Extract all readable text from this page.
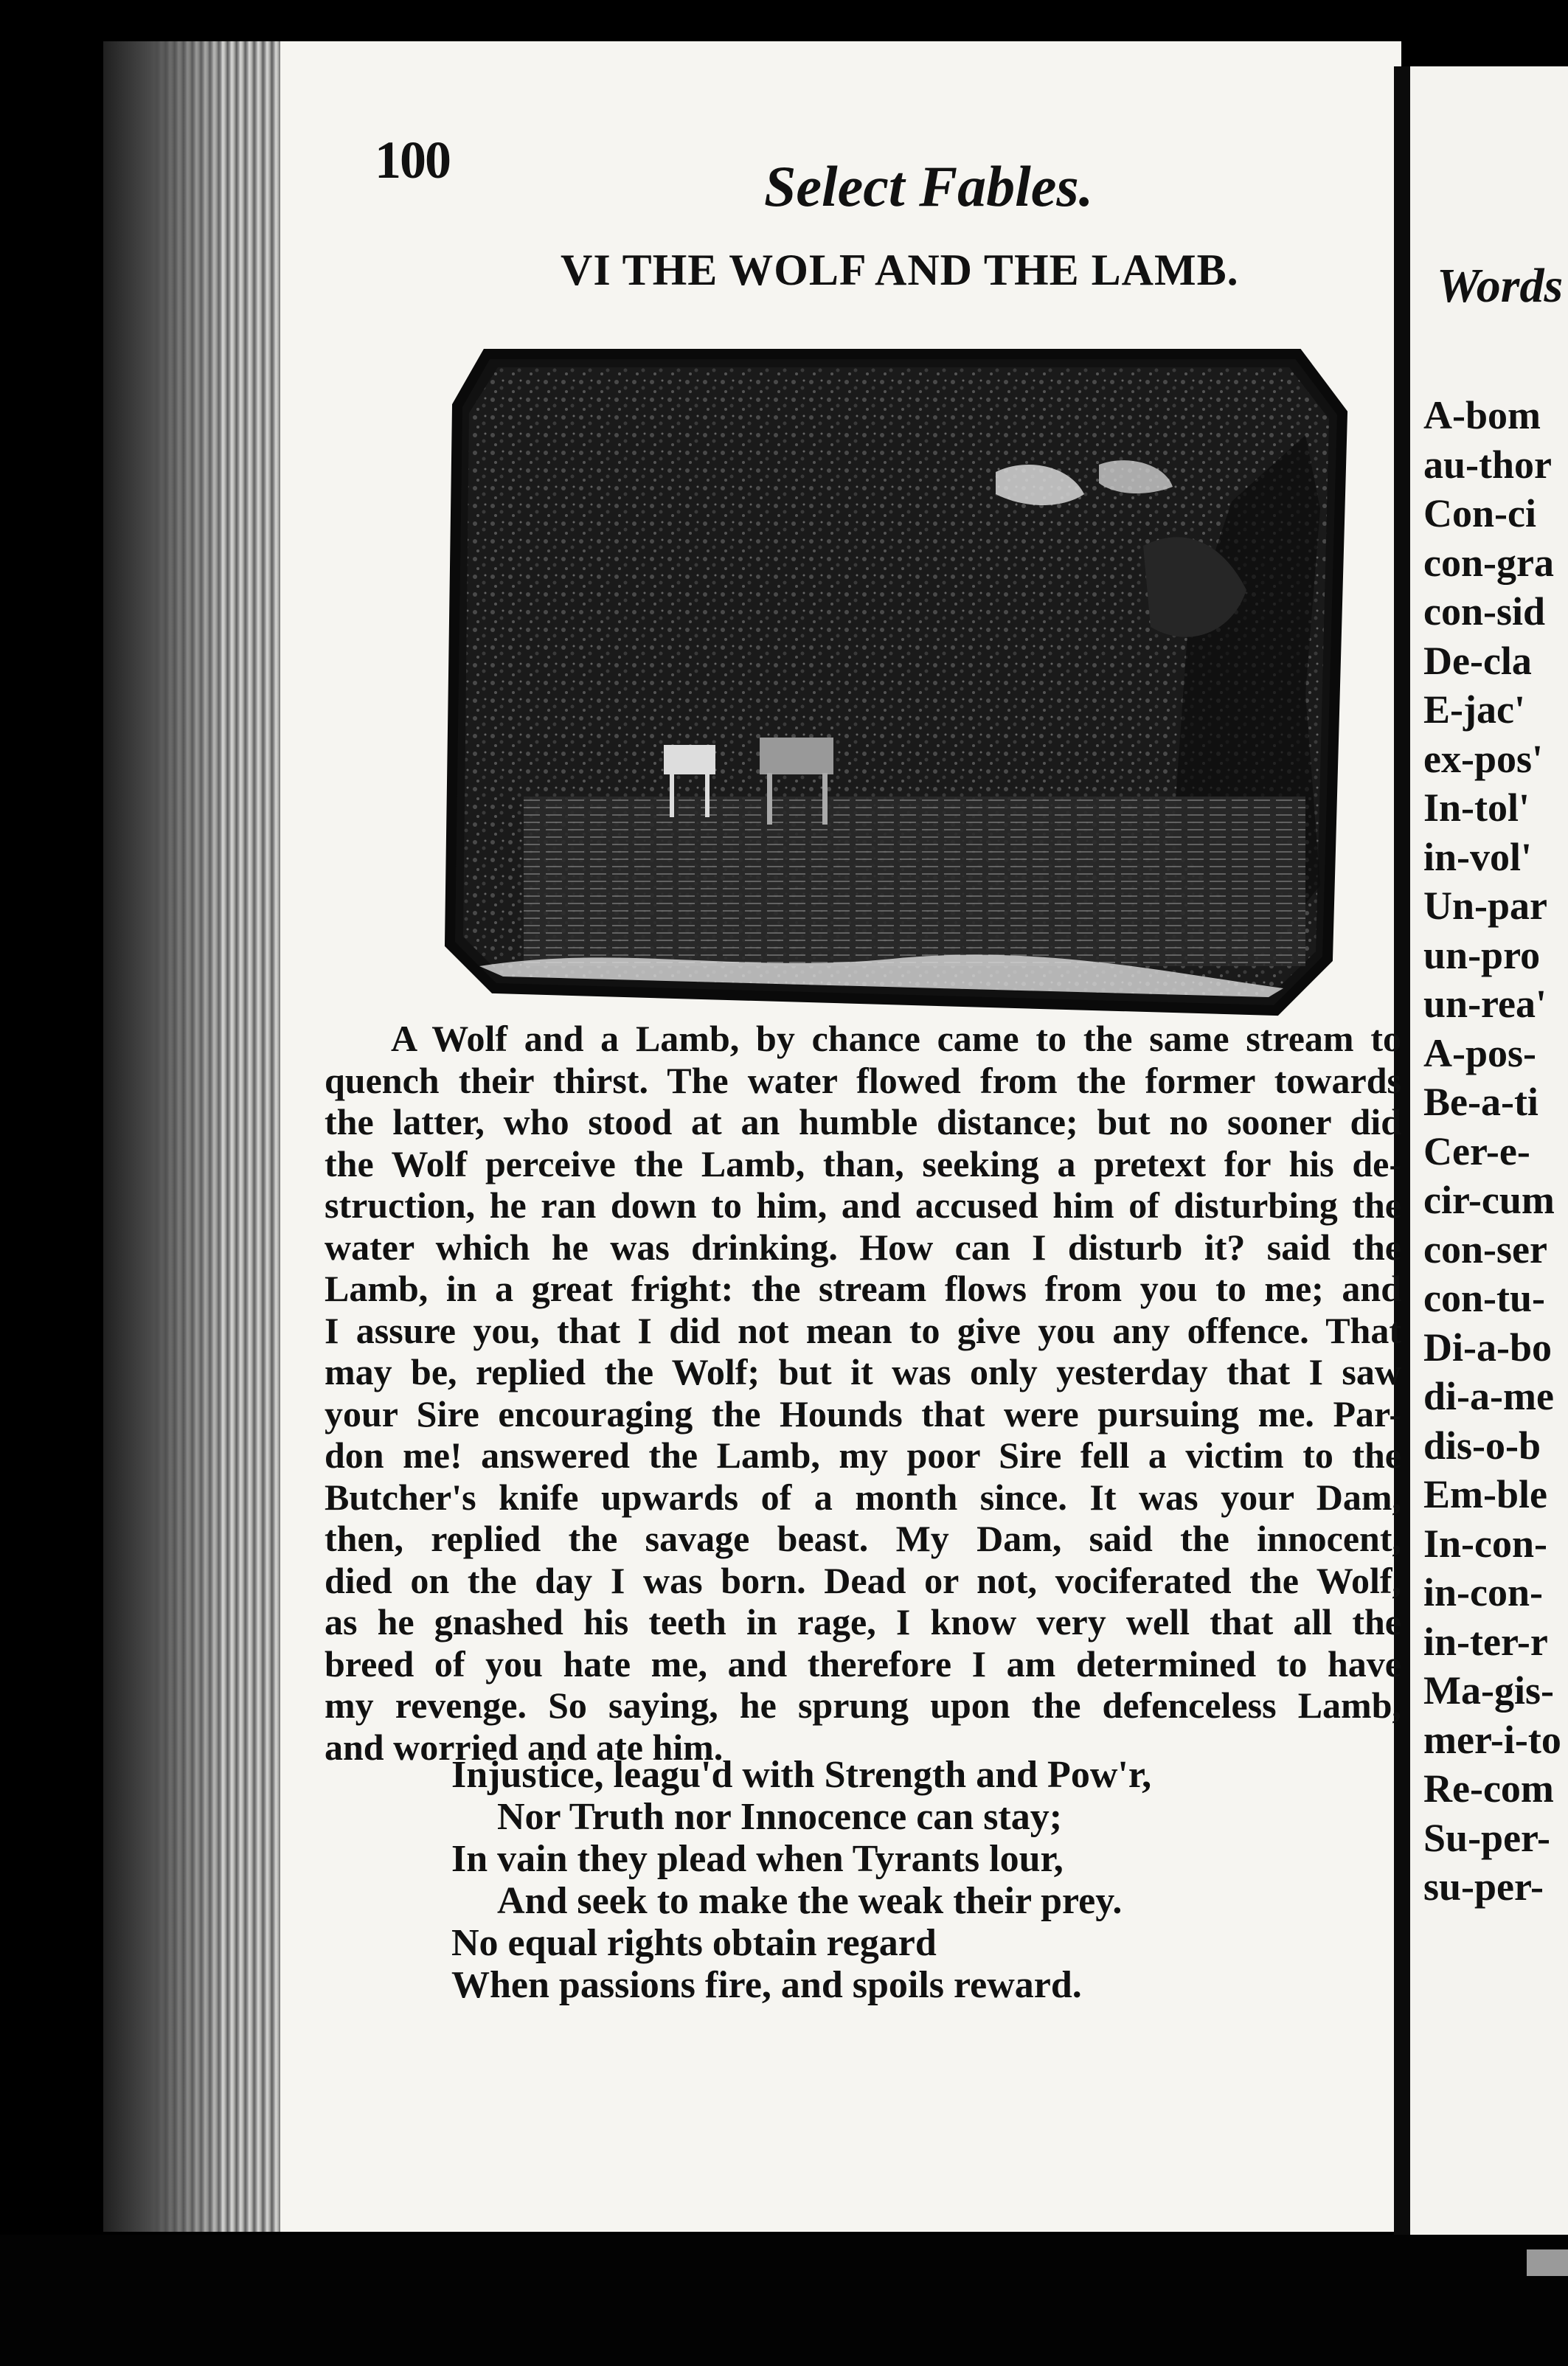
100	Select Fables.
VI THE WOLF AND THE LAMB.
A Wolf and a Lamb, by chance came to the same stream to
quench their thirst. The water flowed from the former towards
the latter, who stood at an humble distance; but no sooner did
the Wolf perceive the Lamb, than, seeking a pretext for his de-
struction, he ran down to him, and accused him of disturbing the
water which he was drinking. How can I disturb it? said the
Lamb, in a great fright: the stream flows from you to me; and
I assure you, that I did not mean to give you any offence. That
may be, replied the Wolf; but it was only yesterday that I saw
your Sire encouraging the Hounds that were pursuing me. Par-
don me! answered the Lamb, my poor Sire fell a victim to the
Butcher's knife upwards of a month since. It was your Dam,
then, replied the savage beast. My Dam, said the innocent,
died on the day I was born. Dead or not, vociferated the Wolf,
as he gnashed his teeth in rage, I know very well that all the
breed of you hate me, and therefore I am determined to have
my revenge. So saying, he sprung upon the defenceless Lamb,
and worried and ate him.
Injustice, leagu'd with Strength and Pow'r,
Nor Truth nor Innocence can stay;
In vain they plead when Tyrants lour,
And seek to make the weak their prey.
No equal rights obtain regard
When passions fire, and spoils reward.
Words
A-bom
au-thor
Con-ci
con-gra
con-sid
De-cla
E-jac'
ex-pos'
In-tol'
in-vol'
Un-par
un-pro
un-rea'
A-pos-
Be-a-ti
Cer-e-
cir-cum
con-ser
con-tu-
Di-a-bo
di-a-me
dis-o-b
Em-ble
In-con-
in-con-
in-ter-r
Ma-gis-
mer-i-to
Re-com
Su-per-
su-per-
